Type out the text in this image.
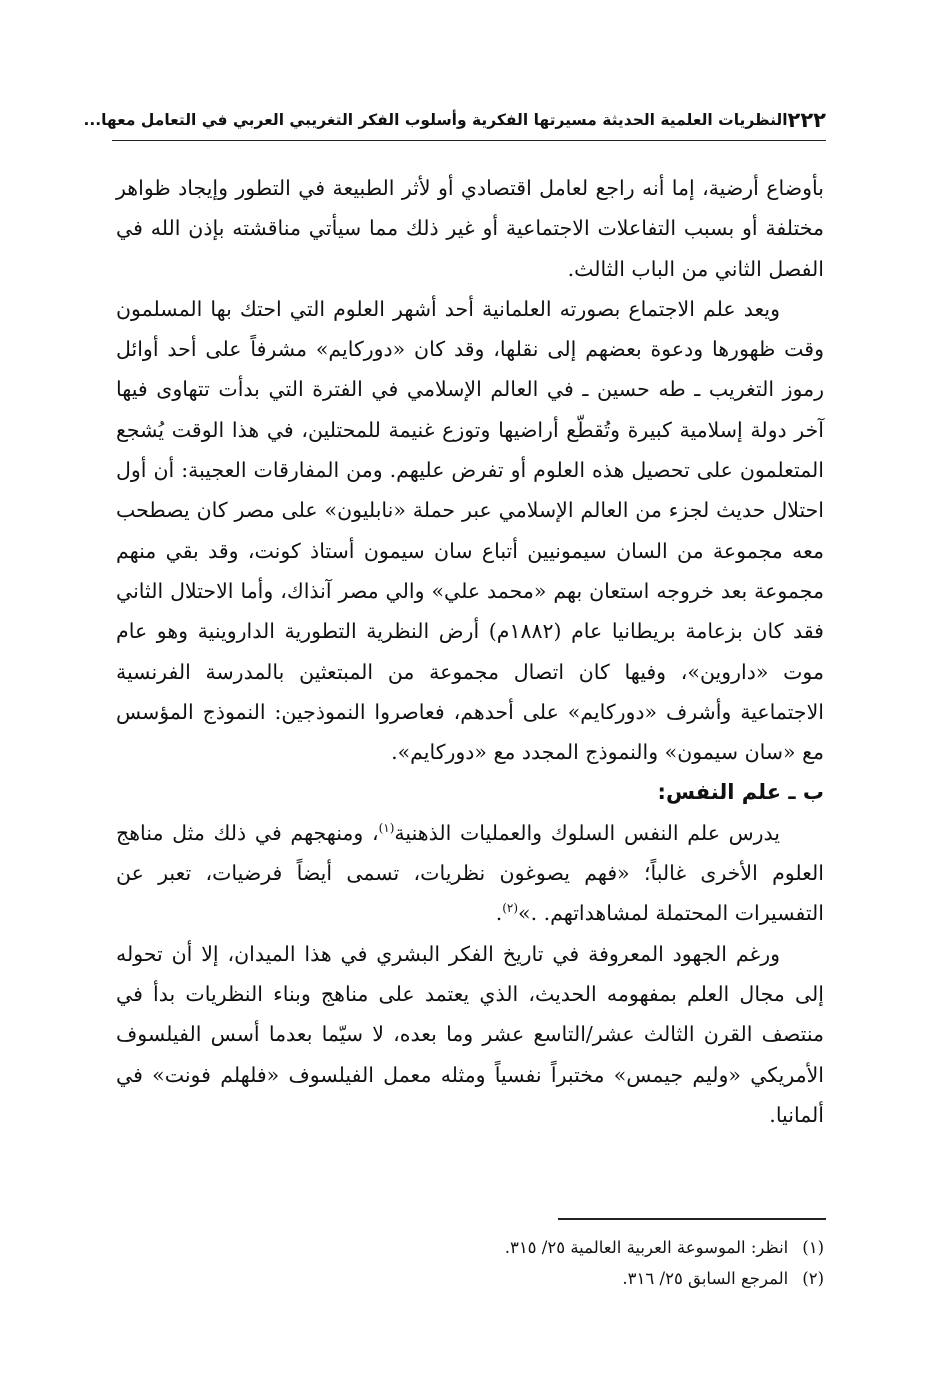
٢٢٢
النظريات العلمية الحديثة مسيرتها الفكرية وأسلوب الفكر التغريبي العربي في التعامل معها...

بأوضاع أرضية، إما أنه راجع لعامل اقتصادي أو لأثر الطبيعة في التطور وإيجاد ظواهر مختلفة أو بسبب التفاعلات الاجتماعية أو غير ذلك مما سيأتي مناقشته بإذن الله في الفصل الثاني من الباب الثالث.

ويعد علم الاجتماع بصورته العلمانية أحد أشهر العلوم التي احتك بها المسلمون وقت ظهورها ودعوة بعضهم إلى نقلها، وقد كان «دوركايم» مشرفاً على أحد أوائل رموز التغريب ـ طه حسين ـ في العالم الإسلامي في الفترة التي بدأت تتهاوى فيها آخر دولة إسلامية كبيرة وتُقطّع أراضيها وتوزع غنيمة للمحتلين، في هذا الوقت يُشجع المتعلمون على تحصيل هذه العلوم أو تفرض عليهم. ومن المفارقات العجيبة: أن أول احتلال حديث لجزء من العالم الإسلامي عبر حملة «نابليون» على مصر كان يصطحب معه مجموعة من السان سيمونيين أتباع سان سيمون أستاذ كونت، وقد بقي منهم مجموعة بعد خروجه استعان بهم «محمد علي» والي مصر آنذاك، وأما الاحتلال الثاني فقد كان بزعامة بريطانيا عام (١٨٨٢م) أرض النظرية التطورية الداروينية وهو عام موت «داروين»، وفيها كان اتصال مجموعة من المبتعثين بالمدرسة الفرنسية الاجتماعية وأشرف «دوركايم» على أحدهم، فعاصروا النموذجين: النموذج المؤسس مع «سان سيمون» والنموذج المجدد مع «دوركايم».

ب ـ علم النفس:

يدرس علم النفس السلوك والعمليات الذهنية$^{(١)}$، ومنهجهم في ذلك مثل مناهج العلوم الأخرى غالباً؛ «فهم يصوغون نظريات، تسمى أيضاً فرضيات، تعبر عن التفسيرات المحتملة لمشاهداتهم. .»$^{(٢)}$.

ورغم الجهود المعروفة في تاريخ الفكر البشري في هذا الميدان، إلا أن تحوله إلى مجال العلم بمفهومه الحديث، الذي يعتمد على مناهج وبناء النظريات بدأ في منتصف القرن الثالث عشر/التاسع عشر وما بعده، لا سيّما بعدما أسس الفيلسوف الأمريكي «وليم جيمس» مختبراً نفسياً ومثله معمل الفيلسوف «فلهلم فونت» في ألمانيا.

(١)
انظر: الموسوعة العربية العالمية ٢٥/ ٣١٥.
(٢)
المرجع السابق ٢٥/ ٣١٦.
